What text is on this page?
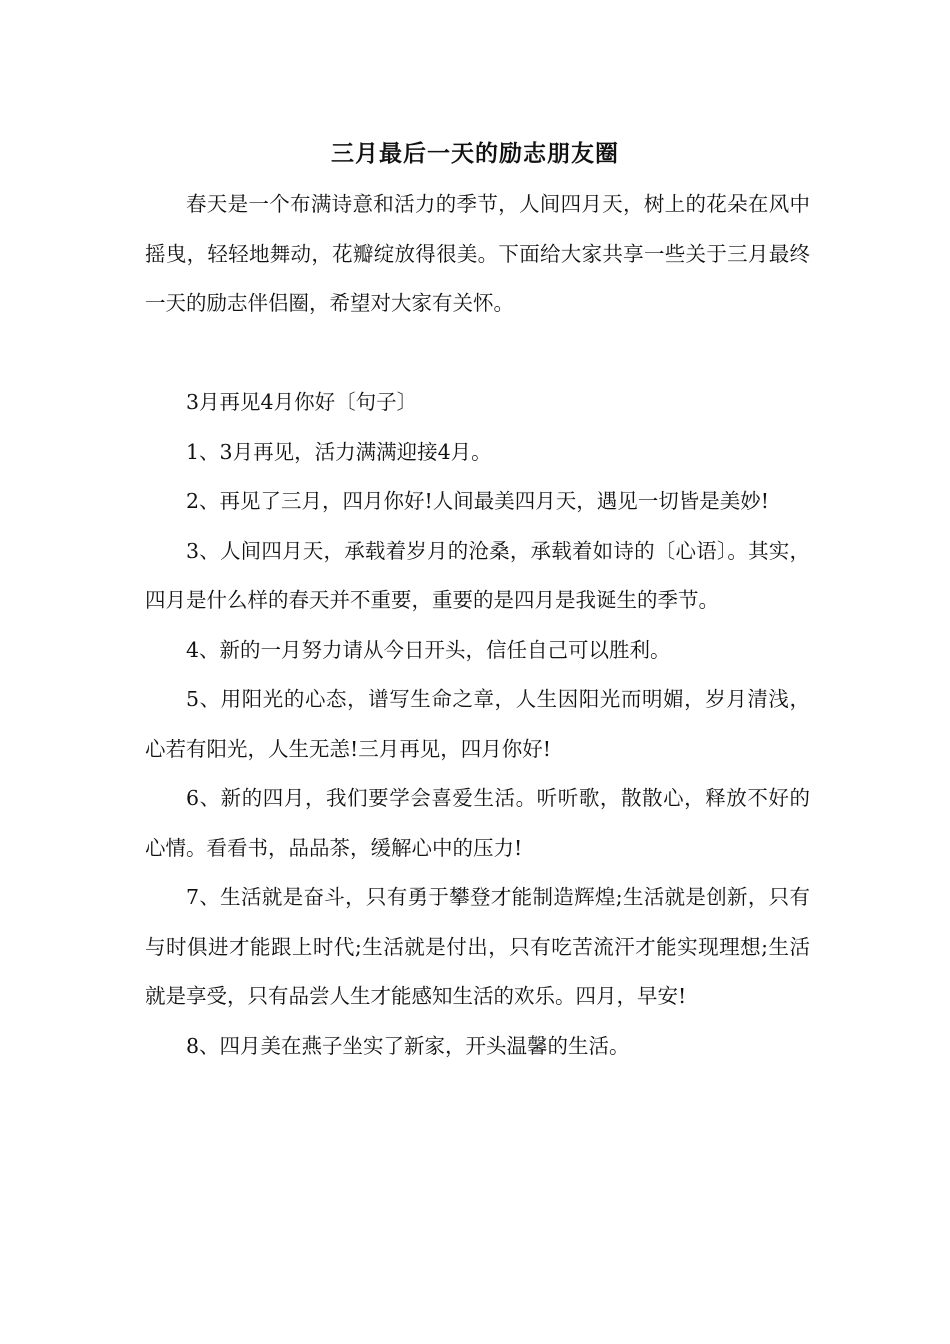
三月最后一天的励志朋友圈

春天是一个布满诗意和活力的季节，人间四月天，树上的花朵在风中摇曳，轻轻地舞动，花瓣绽放得很美。下面给大家共享一些关于三月最终一天的励志伴侣圈，希望对大家有关怀。

3月再见4月你好〔句子〕

1、3月再见，活力满满迎接4月。

2、再见了三月，四月你好!人间最美四月天，遇见一切皆是美妙!

3、人间四月天，承载着岁月的沧桑，承载着如诗的〔心语〕。其实，四月是什么样的春天并不重要，重要的是四月是我诞生的季节。

4、新的一月努力请从今日开头，信任自己可以胜利。

5、用阳光的心态，谱写生命之章，人生因阳光而明媚，岁月清浅，心若有阳光，人生无恙!三月再见，四月你好!

6、新的四月，我们要学会喜爱生活。听听歌，散散心，释放不好的心情。看看书，品品茶，缓解心中的压力!

7、生活就是奋斗，只有勇于攀登才能制造辉煌;生活就是创新，只有与时俱进才能跟上时代;生活就是付出，只有吃苦流汗才能实现理想;生活就是享受，只有品尝人生才能感知生活的欢乐。四月，早安!

8、四月美在燕子坐实了新家，开头温馨的生活。
